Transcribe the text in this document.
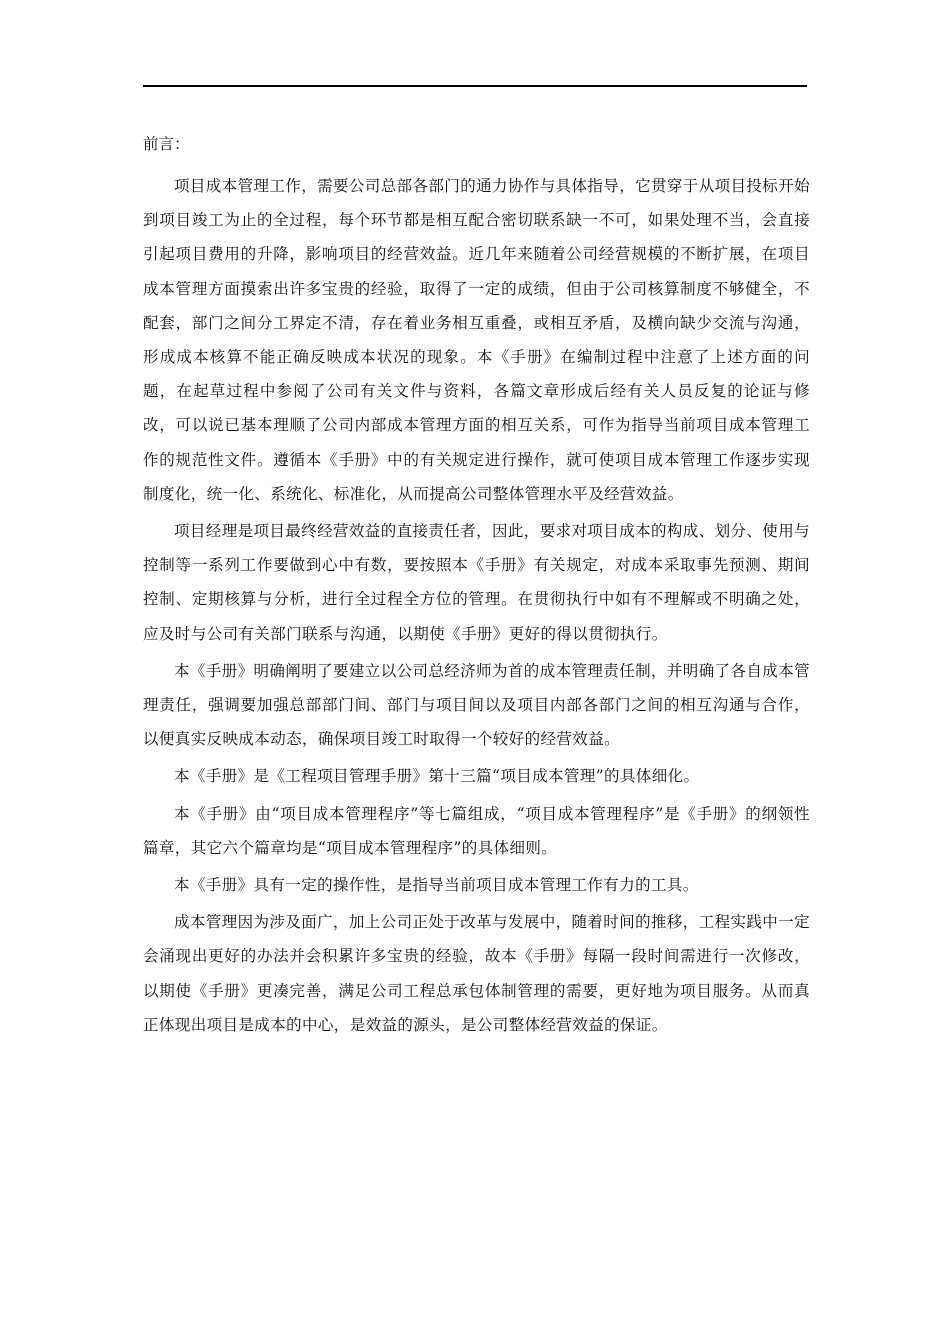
前言：

项目成本管理工作，需要公司总部各部门的通力协作与具体指导，它贯穿于从项目投标开始到项目竣工为止的全过程，每个环节都是相互配合密切联系缺一不可，如果处理不当，会直接引起项目费用的升降，影响项目的经营效益。近几年来随着公司经营规模的不断扩展，在项目成本管理方面摸索出许多宝贵的经验，取得了一定的成绩，但由于公司核算制度不够健全，不配套，部门之间分工界定不清，存在着业务相互重叠，或相互矛盾，及横向缺少交流与沟通，形成成本核算不能正确反映成本状况的现象。本《手册》在编制过程中注意了上述方面的问题，在起草过程中参阅了公司有关文件与资料，各篇文章形成后经有关人员反复的论证与修改，可以说已基本理顺了公司内部成本管理方面的相互关系，可作为指导当前项目成本管理工作的规范性文件。遵循本《手册》中的有关规定进行操作，就可使项目成本管理工作逐步实现制度化，统一化、系统化、标准化，从而提高公司整体管理水平及经营效益。

项目经理是项目最终经营效益的直接责任者，因此，要求对项目成本的构成、划分、使用与控制等一系列工作要做到心中有数，要按照本《手册》有关规定，对成本采取事先预测、期间控制、定期核算与分析，进行全过程全方位的管理。在贯彻执行中如有不理解或不明确之处，应及时与公司有关部门联系与沟通，以期使《手册》更好的得以贯彻执行。

本《手册》明确阐明了要建立以公司总经济师为首的成本管理责任制，并明确了各自成本管理责任，强调要加强总部部门间、部门与项目间以及项目内部各部门之间的相互沟通与合作，以便真实反映成本动态，确保项目竣工时取得一个较好的经营效益。

本《手册》是《工程项目管理手册》第十三篇“项目成本管理”的具体细化。

本《手册》由“项目成本管理程序”等七篇组成，“项目成本管理程序”是《手册》的纲领性篇章，其它六个篇章均是“项目成本管理程序”的具体细则。

本《手册》具有一定的操作性，是指导当前项目成本管理工作有力的工具。

成本管理因为涉及面广，加上公司正处于改革与发展中，随着时间的推移，工程实践中一定会涌现出更好的办法并会积累许多宝贵的经验，故本《手册》每隔一段时间需进行一次修改，以期使《手册》更凑完善，满足公司工程总承包体制管理的需要，更好地为项目服务。从而真正体现出项目是成本的中心，是效益的源头，是公司整体经营效益的保证。
